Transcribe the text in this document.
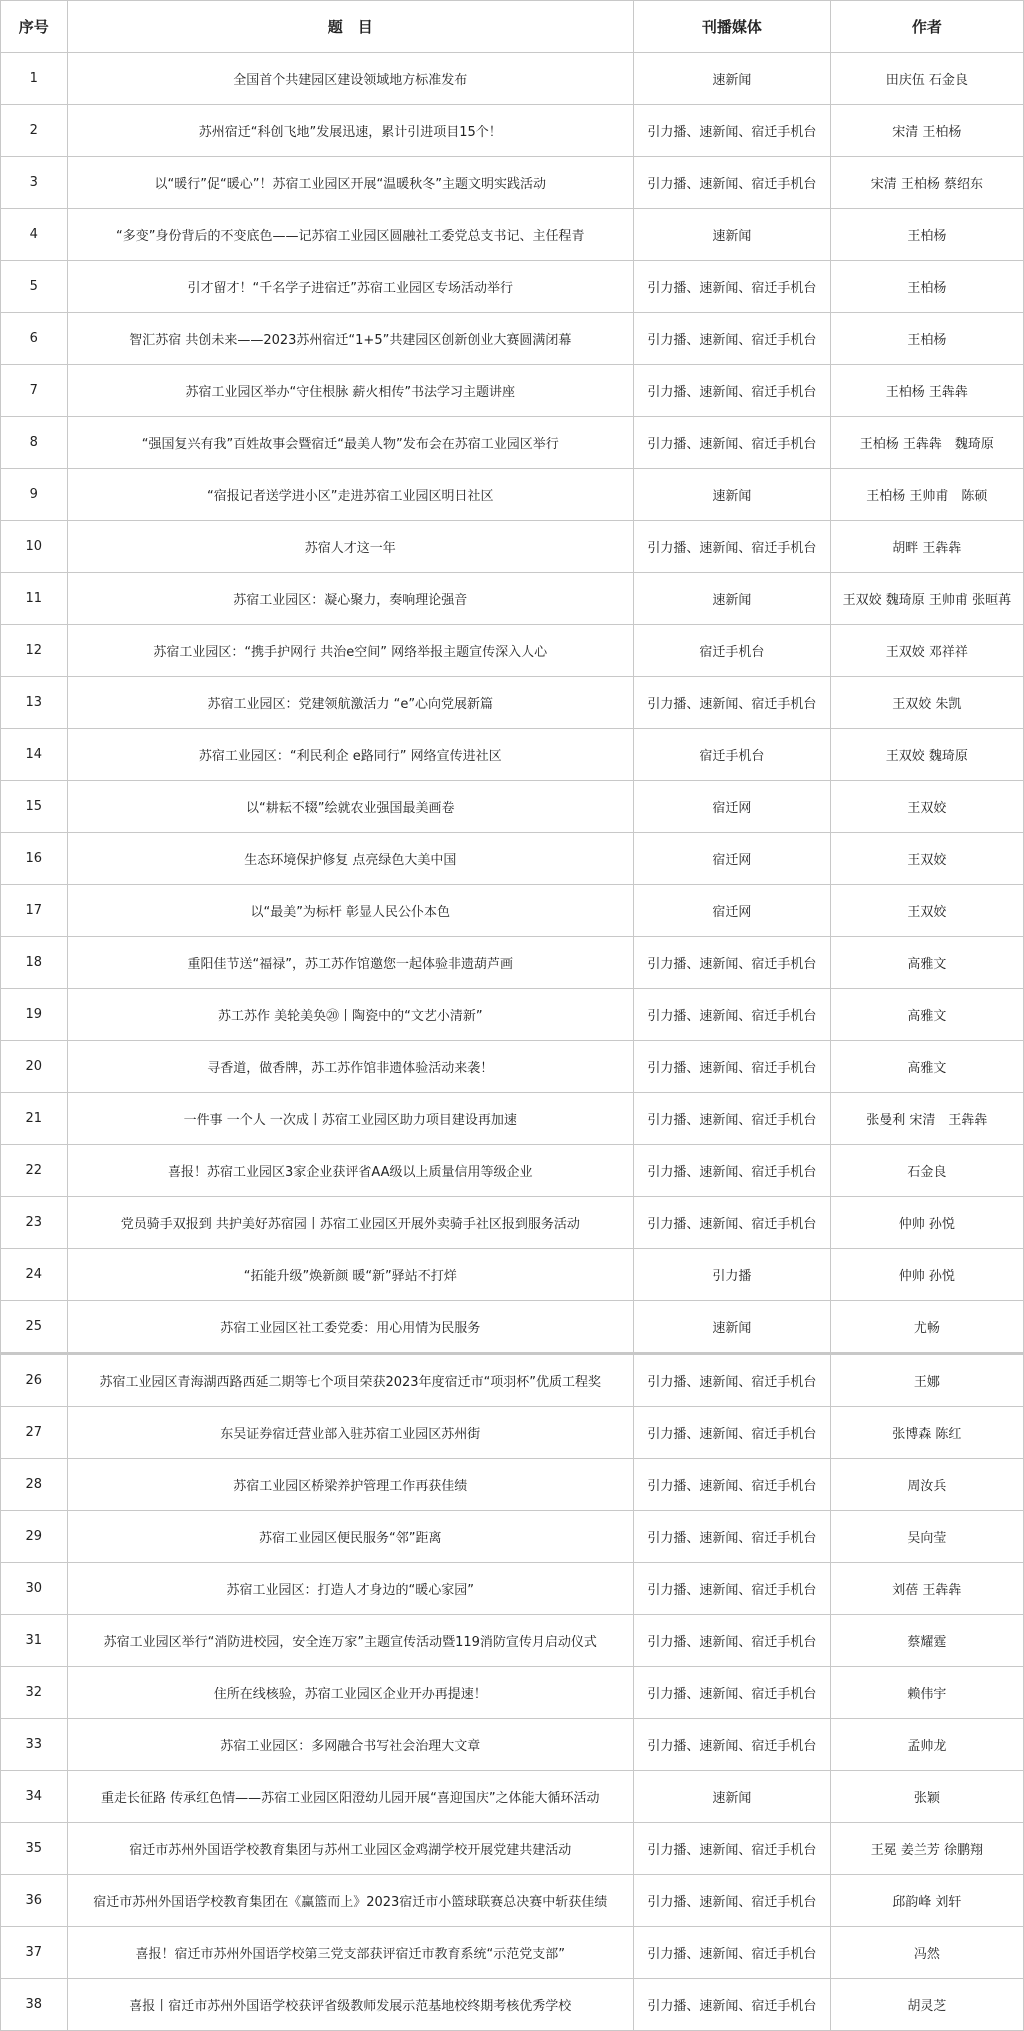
序号	题　目	刊播媒体	作者
1	全国首个共建园区建设领域地方标准发布	速新闻	田庆伍 石金良
2	苏州宿迁“科创飞地”发展迅速，累计引进项目15个！	引力播、速新闻、宿迁手机台	宋清 王柏杨
3	以“暖行”促“暖心”！苏宿工业园区开展“温暖秋冬”主题文明实践活动	引力播、速新闻、宿迁手机台	宋清 王柏杨 蔡绍东
4	“多变”身份背后的不变底色——记苏宿工业园区圆融社工委党总支书记、主任程青	速新闻	王柏杨
5	引才留才！“千名学子进宿迁”苏宿工业园区专场活动举行	引力播、速新闻、宿迁手机台	王柏杨
6	智汇苏宿 共创未来——2023苏州宿迁“1+5”共建园区创新创业大赛圆满闭幕	引力播、速新闻、宿迁手机台	王柏杨
7	苏宿工业园区举办“守住根脉 薪火相传”书法学习主题讲座	引力播、速新闻、宿迁手机台	王柏杨 王犇犇
8	“强国复兴有我”百姓故事会暨宿迁“最美人物”发布会在苏宿工业园区举行	引力播、速新闻、宿迁手机台	王柏杨 王犇犇　魏琦原
9	“宿报记者送学进小区”走进苏宿工业园区明日社区	速新闻	王柏杨 王帅甫　陈硕
10	苏宿人才这一年	引力播、速新闻、宿迁手机台	胡畔 王犇犇
11	苏宿工业园区：凝心聚力，奏响理论强音	速新闻	王双姣 魏琦原 王帅甫 张晅苒
12	苏宿工业园区：“携手护网行 共治e空间” 网络举报主题宣传深入人心	宿迁手机台	王双姣 邓祥祥
13	苏宿工业园区：党建领航激活力 “e”心向党展新篇	引力播、速新闻、宿迁手机台	王双姣 朱凯
14	苏宿工业园区：“利民利企 e路同行” 网络宣传进社区	宿迁手机台	王双姣 魏琦原
15	以“耕耘不辍”绘就农业强国最美画卷	宿迁网	王双姣
16	生态环境保护修复 点亮绿色大美中国	宿迁网	王双姣
17	以“最美”为标杆 彰显人民公仆本色	宿迁网	王双姣
18	重阳佳节送“福禄”，苏工苏作馆邀您一起体验非遗葫芦画	引力播、速新闻、宿迁手机台	高雅文
19	苏工苏作 美轮美奂⑳丨陶瓷中的“文艺小清新”	引力播、速新闻、宿迁手机台	高雅文
20	寻香道，做香牌，苏工苏作馆非遗体验活动来袭！	引力播、速新闻、宿迁手机台	高雅文
21	一件事 一个人 一次成丨苏宿工业园区助力项目建设再加速	引力播、速新闻、宿迁手机台	张曼利 宋清　王犇犇
22	喜报！苏宿工业园区3家企业获评省AA级以上质量信用等级企业	引力播、速新闻、宿迁手机台	石金良
23	党员骑手双报到 共护美好苏宿园丨苏宿工业园区开展外卖骑手社区报到服务活动	引力播、速新闻、宿迁手机台	仲帅 孙悦
24	“拓能升级”焕新颜 暖“新”驿站不打烊	引力播	仲帅 孙悦
25	苏宿工业园区社工委党委：用心用情为民服务	速新闻	尤畅
26	苏宿工业园区青海湖西路西延二期等七个项目荣获2023年度宿迁市“项羽杯”优质工程奖	引力播、速新闻、宿迁手机台	王娜
27	东吴证券宿迁营业部入驻苏宿工业园区苏州街	引力播、速新闻、宿迁手机台	张博森 陈红
28	苏宿工业园区桥梁养护管理工作再获佳绩	引力播、速新闻、宿迁手机台	周汝兵
29	苏宿工业园区便民服务“邻”距离	引力播、速新闻、宿迁手机台	吴向莹
30	苏宿工业园区：打造人才身边的“暖心家园”	引力播、速新闻、宿迁手机台	刘蓓 王犇犇
31	苏宿工业园区举行“消防进校园，安全连万家”主题宣传活动暨119消防宣传月启动仪式	引力播、速新闻、宿迁手机台	蔡耀霆
32	住所在线核验，苏宿工业园区企业开办再提速！	引力播、速新闻、宿迁手机台	赖伟宇
33	苏宿工业园区：多网融合书写社会治理大文章	引力播、速新闻、宿迁手机台	孟帅龙
34	重走长征路 传承红色情——苏宿工业园区阳澄幼儿园开展“喜迎国庆”之体能大循环活动	速新闻	张颖
35	宿迁市苏州外国语学校教育集团与苏州工业园区金鸡湖学校开展党建共建活动	引力播、速新闻、宿迁手机台	王冕 姜兰芳 徐鹏翔
36	宿迁市苏州外国语学校教育集团在《赢篮而上》2023宿迁市小篮球联赛总决赛中斩获佳绩	引力播、速新闻、宿迁手机台	邱韵峰 刘轩
37	喜报！宿迁市苏州外国语学校第三党支部获评宿迁市教育系统“示范党支部”	引力播、速新闻、宿迁手机台	冯然
38	喜报丨宿迁市苏州外国语学校获评省级教师发展示范基地校终期考核优秀学校	引力播、速新闻、宿迁手机台	胡灵芝
